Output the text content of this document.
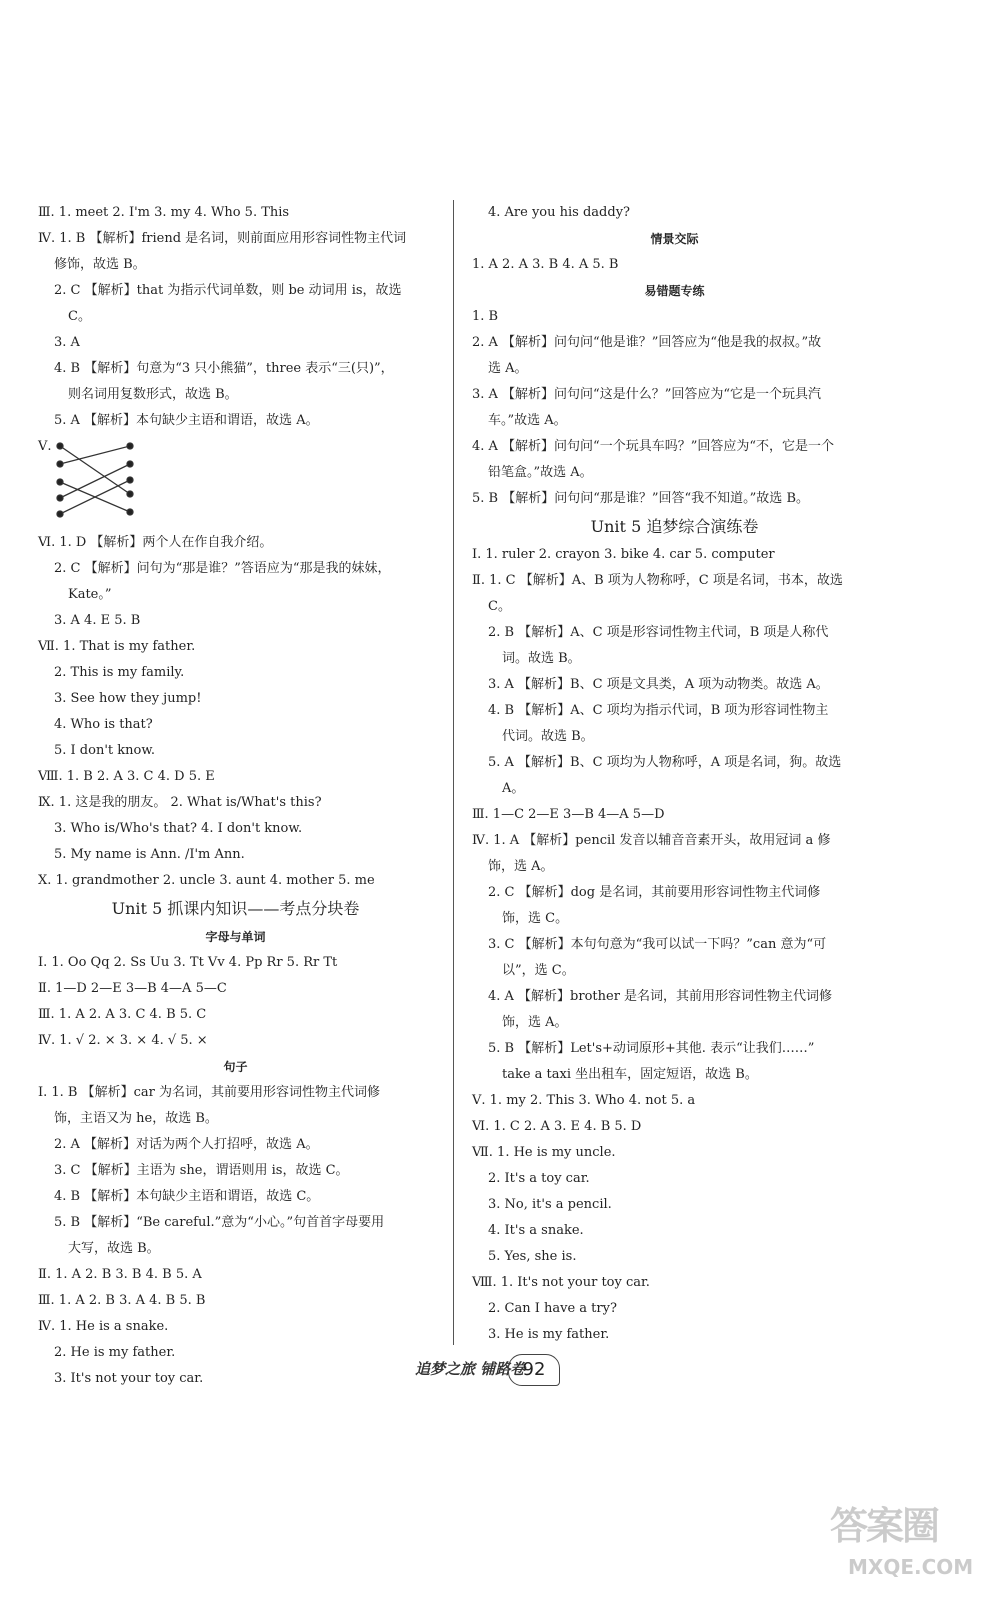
Ⅲ. 1. meet 2. I'm 3. my 4. Who 5. This
Ⅳ. 1. B 【解析】friend 是名词，则前面应用形容词性物主代词
修饰，故选 B。
2. C 【解析】that 为指示代词单数，则 be 动词用 is，故选
C。
3. A
4. B 【解析】句意为“3 只小熊猫”，three 表示“三(只)”，
则名词用复数形式，故选 B。
5. A 【解析】本句缺少主语和谓语，故选 A。
Ⅴ.
Ⅵ. 1. D 【解析】两个人在作自我介绍。
2. C 【解析】问句为“那是谁？”答语应为“那是我的妹妹，
Kate。”
3. A 4. E 5. B
Ⅶ. 1. That is my father.
2. This is my family.
3. See how they jump!
4. Who is that?
5. I don't know.
Ⅷ. 1. B 2. A 3. C 4. D 5. E
Ⅸ. 1. 这是我的朋友。 2. What is/What's this?
3. Who is/Who's that? 4. I don't know.
5. My name is Ann. /I'm Ann.
Ⅹ. 1. grandmother 2. uncle 3. aunt 4. mother 5. me
Unit 5 抓课内知识——考点分块卷
字母与单词
Ⅰ. 1. Oo Qq 2. Ss Uu 3. Tt Vv 4. Pp Rr 5. Rr Tt
Ⅱ. 1—D 2—E 3—B 4—A 5—C
Ⅲ. 1. A 2. A 3. C 4. B 5. C
Ⅳ. 1. √ 2. × 3. × 4. √ 5. ×
句子
Ⅰ. 1. B 【解析】car 为名词，其前要用形容词性物主代词修
饰，主语又为 he，故选 B。
2. A 【解析】对话为两个人打招呼，故选 A。
3. C 【解析】主语为 she，谓语则用 is，故选 C。
4. B 【解析】本句缺少主语和谓语，故选 C。
5. B 【解析】“Be careful.”意为“小心。”句首首字母要用
大写，故选 B。
Ⅱ. 1. A 2. B 3. B 4. B 5. A
Ⅲ. 1. A 2. B 3. A 4. B 5. B
Ⅳ. 1. He is a snake.
2. He is my father.
3. It's not your toy car.
4. Are you his daddy?
情景交际
1. A 2. A 3. B 4. A 5. B
易错题专练
1. B
2. A 【解析】问句问“他是谁？”回答应为“他是我的叔叔。”故
选 A。
3. A 【解析】问句问“这是什么？”回答应为“它是一个玩具汽
车。”故选 A。
4. A 【解析】问句问“一个玩具车吗？”回答应为“不，它是一个
铅笔盒。”故选 A。
5. B 【解析】问句问“那是谁？”回答“我不知道。”故选 B。
Unit 5 追梦综合演练卷
Ⅰ. 1. ruler 2. crayon 3. bike 4. car 5. computer
Ⅱ. 1. C 【解析】A、B 项为人物称呼，C 项是名词，书本，故选
C。
2. B 【解析】A、C 项是形容词性物主代词，B 项是人称代
词。故选 B。
3. A 【解析】B、C 项是文具类，A 项为动物类。故选 A。
4. B 【解析】A、C 项均为指示代词，B 项为形容词性物主
代词。故选 B。
5. A 【解析】B、C 项均为人物称呼，A 项是名词，狗。故选
A。
Ⅲ. 1—C 2—E 3—B 4—A 5—D
Ⅳ. 1. A 【解析】pencil 发音以辅音音素开头，故用冠词 a 修
饰，选 A。
2. C 【解析】dog 是名词，其前要用形容词性物主代词修
饰，选 C。
3. C 【解析】本句句意为“我可以试一下吗？”can 意为“可
以”，选 C。
4. A 【解析】brother 是名词，其前用形容词性物主代词修
饰，选 A。
5. B 【解析】Let's+动词原形+其他. 表示“让我们……”
take a taxi 坐出租车，固定短语，故选 B。
Ⅴ. 1. my 2. This 3. Who 4. not 5. a
Ⅵ. 1. C 2. A 3. E 4. B 5. D
Ⅶ. 1. He is my uncle.
2. It's a toy car.
3. No, it's a pencil.
4. It's a snake.
5. Yes, she is.
Ⅷ. 1. It's not your toy car.
2. Can I have a try?
3. He is my father.
追梦之旅 铺路卷
92
答案圈
MXQE.COM
